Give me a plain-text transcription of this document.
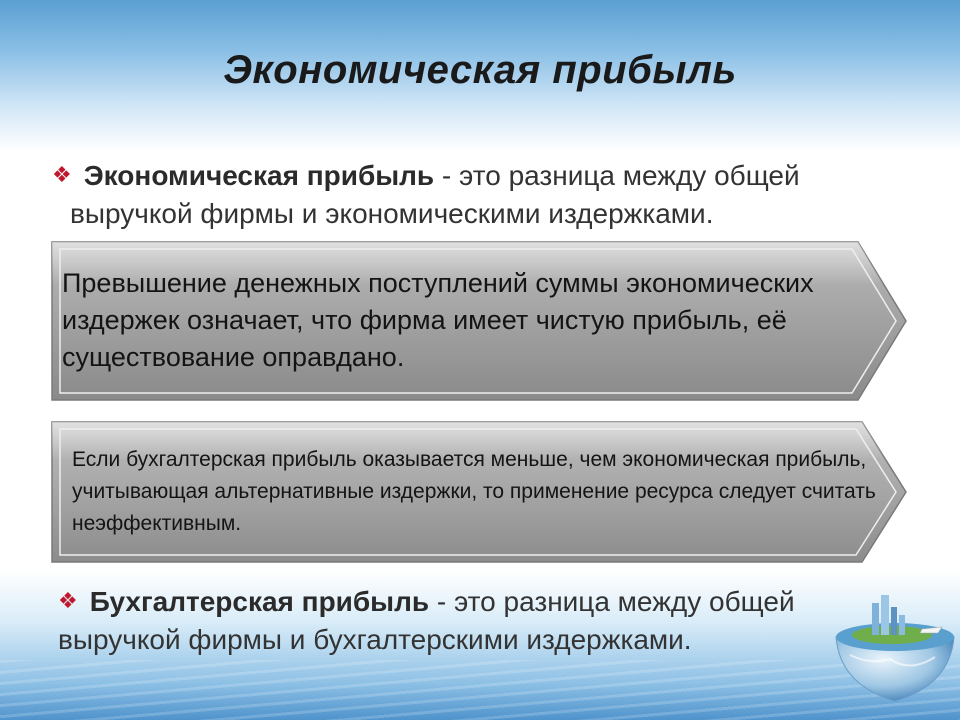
Экономическая прибыль
❖ Экономическая прибыль - это разница между общей
выручкой фирмы и экономическими издержками.
Превышение денежных поступлений суммы экономических издержек означает, что фирма имеет чистую прибыль, её существование оправдано.
Если бухгалтерская прибыль оказывается меньше, чем экономическая прибыль, учитывающая альтернативные издержки, то применение ресурса следует считать неэффективным.
❖ Бухгалтерская прибыль - это разница между общей выручкой фирмы и бухгалтерскими издержками.
